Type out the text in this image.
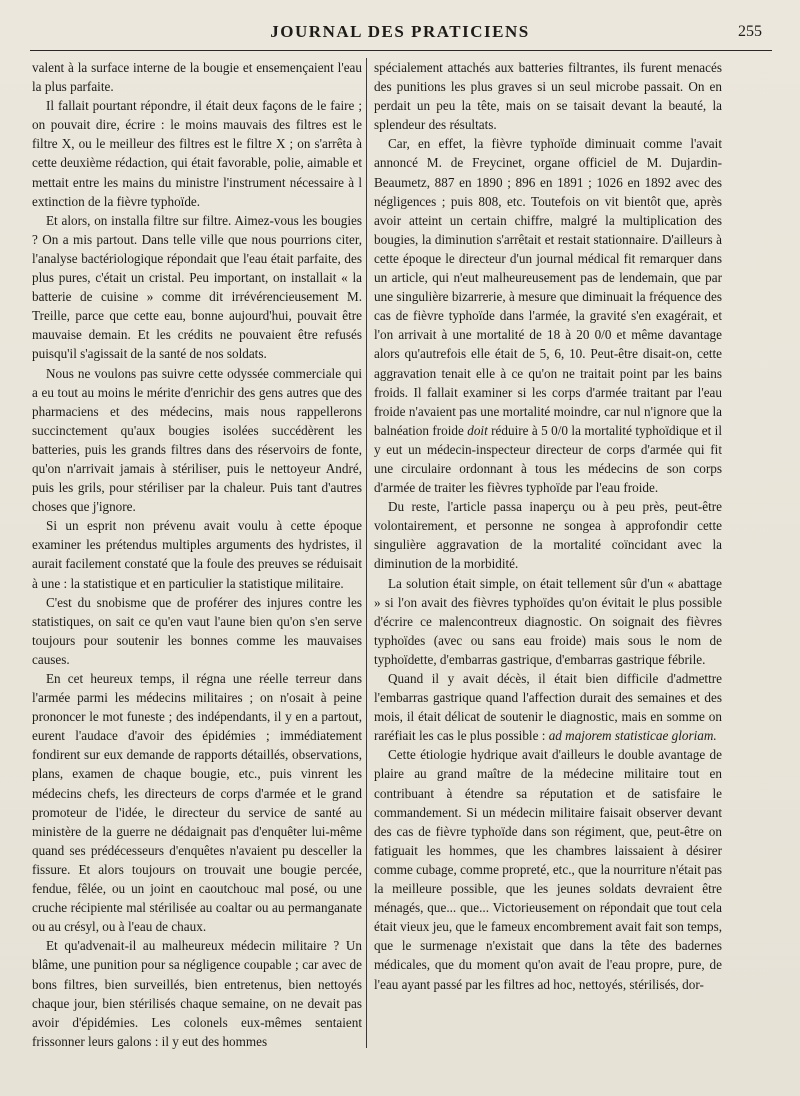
JOURNAL DES PRATICIENS	255

valent à la surface interne de la bougie et ensemençaient l'eau la plus parfaite.

Il fallait pourtant répondre, il était deux façons de le faire ; on pouvait dire, écrire : le moins mauvais des filtres est le filtre X, ou le meilleur des filtres est le filtre X ; on s'arrêta à cette deuxième rédaction, qui était favorable, polie, aimable et mettait entre les mains du ministre l'instrument nécessaire à l extinction de la fièvre typhoïde.

Et alors, on installa filtre sur filtre. Aimez-vous les bougies ? On a mis partout. Dans telle ville que nous pourrions citer, l'analyse bactériologique répondait que l'eau était parfaite, des plus pures, c'était un cristal. Peu important, on installait « la batterie de cuisine » comme dit irrévérencieusement M. Treille, parce que cette eau, bonne aujourd'hui, pouvait être mauvaise demain. Et les crédits ne pouvaient être refusés puisqu'il s'agissait de la santé de nos soldats.

Nous ne voulons pas suivre cette odyssée commerciale qui a eu tout au moins le mérite d'enrichir des gens autres que des pharmaciens et des médecins, mais nous rappellerons succinctement qu'aux bougies isolées succédèrent les batteries, puis les grands filtres dans des réservoirs de fonte, qu'on n'arrivait jamais à stériliser, puis le nettoyeur André, puis les grils, pour stériliser par la chaleur. Puis tant d'autres choses que j'ignore.

Si un esprit non prévenu avait voulu à cette époque examiner les prétendus multiples arguments des hydristes, il aurait facilement constaté que la foule des preuves se réduisait à une : la statistique et en particulier la statistique militaire.

C'est du snobisme que de proférer des injures contre les statistiques, on sait ce qu'en vaut l'aune bien qu'on s'en serve toujours pour soutenir les bonnes comme les mauvaises causes.

En cet heureux temps, il régna une réelle terreur dans l'armée parmi les médecins militaires ; on n'osait à peine prononcer le mot funeste ; des indépendants, il y en a partout, eurent l'audace d'avoir des épidémies ; immédiatement fondirent sur eux demande de rapports détaillés, observations, plans, examen de chaque bougie, etc., puis vinrent les médecins chefs, les directeurs de corps d'armée et le grand promoteur de l'idée, le directeur du service de santé au ministère de la guerre ne dédaignait pas d'enquêter lui-même quand ses prédécesseurs d'enquêtes n'avaient pu desceller la fissure. Et alors toujours on trouvait une bougie percée, fendue, fêlée, ou un joint en caoutchouc mal posé, ou une cruche récipiente mal stérilisée au coaltar ou au permanganate ou au crésyl, ou à l'eau de chaux.

Et qu'advenait-il au malheureux médecin militaire ? Un blâme, une punition pour sa négligence coupable ; car avec de bons filtres, bien surveillés, bien entretenus, bien nettoyés chaque jour, bien stérilisés chaque semaine, on ne devait pas avoir d'épidémies. Les colonels eux-mêmes sentaient frissonner leurs galons : il y eut des hommes

spécialement attachés aux batteries filtrantes, ils furent menacés des punitions les plus graves si un seul microbe passait. On en perdait un peu la tête, mais on se taisait devant la beauté, la splendeur des résultats.

Car, en effet, la fièvre typhoïde diminuait comme l'avait annoncé M. de Freycinet, organe officiel de M. Dujardin-Beaumetz, 887 en 1890 ; 896 en 1891 ; 1026 en 1892 avec des négligences ; puis 808, etc. Toutefois on vit bientôt que, après avoir atteint un certain chiffre, malgré la multiplication des bougies, la diminution s'arrêtait et restait stationnaire. D'ailleurs à cette époque le directeur d'un journal médical fit remarquer dans un article, qui n'eut malheureusement pas de lendemain, que par une singulière bizarrerie, à mesure que diminuait la fréquence des cas de fièvre typhoïde dans l'armée, la gravité s'en exagérait, et l'on arrivait à une mortalité de 18 à 20 0/0 et même davantage alors qu'autrefois elle était de 5, 6, 10. Peut-être disait-on, cette aggravation tenait elle à ce qu'on ne traitait point par les bains froids. Il fallait examiner si les corps d'armée traitant par l'eau froide n'avaient pas une mortalité moindre, car nul n'ignore que la balnéation froide doit réduire à 5 0/0 la mortalité typhoïdique et il y eut un médecin-inspecteur directeur de corps d'armée qui fit une circulaire ordonnant à tous les médecins de son corps d'armée de traiter les fièvres typhoïde par l'eau froide.

Du reste, l'article passa inaperçu ou à peu près, peut-être volontairement, et personne ne songea à approfondir cette singulière aggravation de la mortalité coïncidant avec la diminution de la morbidité.

La solution était simple, on était tellement sûr d'un « abattage » si l'on avait des fièvres typhoïdes qu'on évitait le plus possible d'écrire ce malencontreux diagnostic. On soignait des fièvres typhoïdes (avec ou sans eau froide) mais sous le nom de typhoïdette, d'embarras gastrique, d'embarras gastrique fébrile.

Quand il y avait décès, il était bien difficile d'admettre l'embarras gastrique quand l'affection durait des semaines et des mois, il était délicat de soutenir le diagnostic, mais en somme on raréfiait les cas le plus possible : ad majorem statisticae gloriam.

Cette étiologie hydrique avait d'ailleurs le double avantage de plaire au grand maître de la médecine militaire tout en contribuant à étendre sa réputation et de satisfaire le commandement. Si un médecin militaire faisait observer devant des cas de fièvre typhoïde dans son régiment, que, peut-être on fatiguait les hommes, que les chambres laissaient à désirer comme cubage, comme propreté, etc., que la nourriture n'était pas la meilleure possible, que les jeunes soldats devraient être ménagés, que... que... Victorieusement on répondait que tout cela était vieux jeu, que le fameux encombrement avait fait son temps, que le surmenage n'existait que dans la tête des badernes médicales, que du moment qu'on avait de l'eau propre, pure, de l'eau ayant passé par les filtres ad hoc, nettoyés, stérilisés, dor-
